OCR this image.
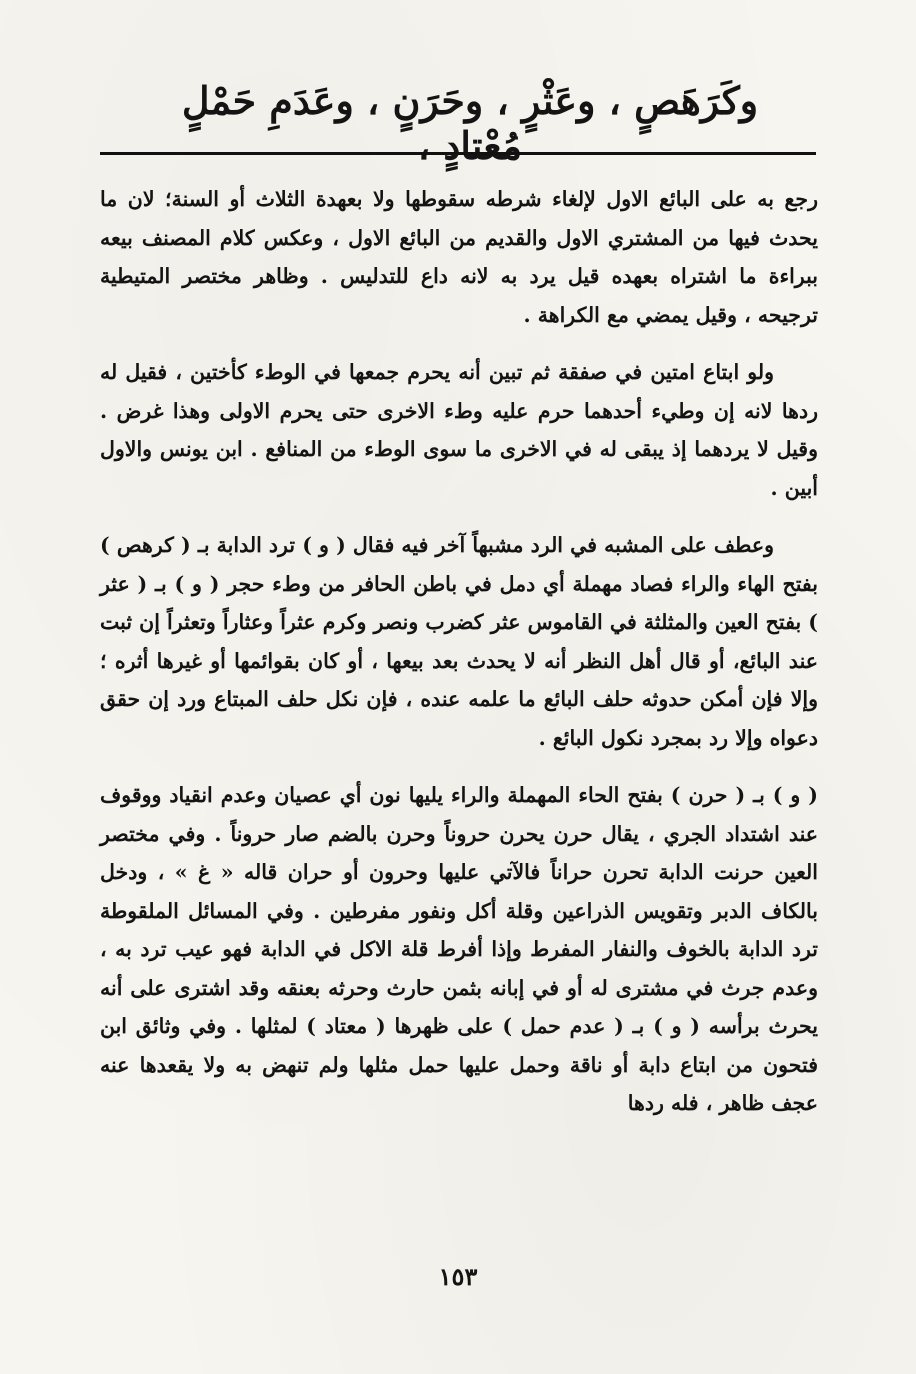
وكَرَهَصٍ ، وعَثْرٍ ، وحَرَنٍ ، وعَدَمِ حَمْلٍ مُعْتادٍ ،

رجع به على البائع الاول لإلغاء شرطه سقوطها ولا بعهدة الثلاث أو السنة؛ لان ما يحدث فيها من المشتري الاول والقديم من البائع الاول ، وعكس كلام المصنف بيعه ببراءة ما اشتراه بعهده قيل يرد به لانه داع للتدليس . وظاهر مختصر المتيطية ترجيحه ، وقيل يمضي مع الكراهة .

ولو ابتاع امتين في صفقة ثم تبين أنه يحرم جمعها في الوطء كأختين ، فقيل له ردها لانه إن وطيء أحدهما حرم عليه وطء الاخرى حتى يحرم الاولى وهذا غرض . وقيل لا يردهما إذ يبقى له في الاخرى ما سوى الوطء من المنافع . ابن يونس والاول أبين .

وعطف على المشبه في الرد مشبهاً آخر فيه فقال ( و ) ترد الدابة بـ ( كرهص ) بفتح الهاء والراء فصاد مهملة أي دمل في باطن الحافر من وطء حجر ( و ) بـ ( عثر ) بفتح العين والمثلثة في القاموس عثر كضرب ونصر وكرم عثراً وعثاراً وتعثراً إن ثبت عند البائع، أو قال أهل النظر أنه لا يحدث بعد بيعها ، أو كان بقوائمها أو غيرها أثره ؛ وإلا فإن أمكن حدوثه حلف البائع ما علمه عنده ، فإن نكل حلف المبتاع ورد إن حقق دعواه وإلا رد بمجرد نكول البائع .

( و ) بـ ( حرن ) بفتح الحاء المهملة والراء يليها نون أي عصيان وعدم انقياد ووقوف عند اشتداد الجري ، يقال حرن يحرن حروناً وحرن بالضم صار حروناً . وفي مختصر العين حرنت الدابة تحرن حراناً فالآتي عليها وحرون أو حران قاله « غ » ، ودخل بالكاف الدبر وتقويس الذراعين وقلة أكل ونفور مفرطين . وفي المسائل الملقوطة ترد الدابة بالخوف والنفار المفرط وإذا أفرط قلة الاكل في الدابة فهو عيب ترد به ، وعدم جرث في مشترى له أو في إبانه بثمن حارث وحرثه بعنقه وقد اشترى على أنه يحرث برأسه ( و ) بـ ( عدم حمل ) على ظهرها ( معتاد ) لمثلها . وفي وثائق ابن فتحون من ابتاع دابة أو ناقة وحمل عليها حمل مثلها ولم تنهض به ولا يقعدها عنه عجف ظاهر ، فله ردها

١٥٣
